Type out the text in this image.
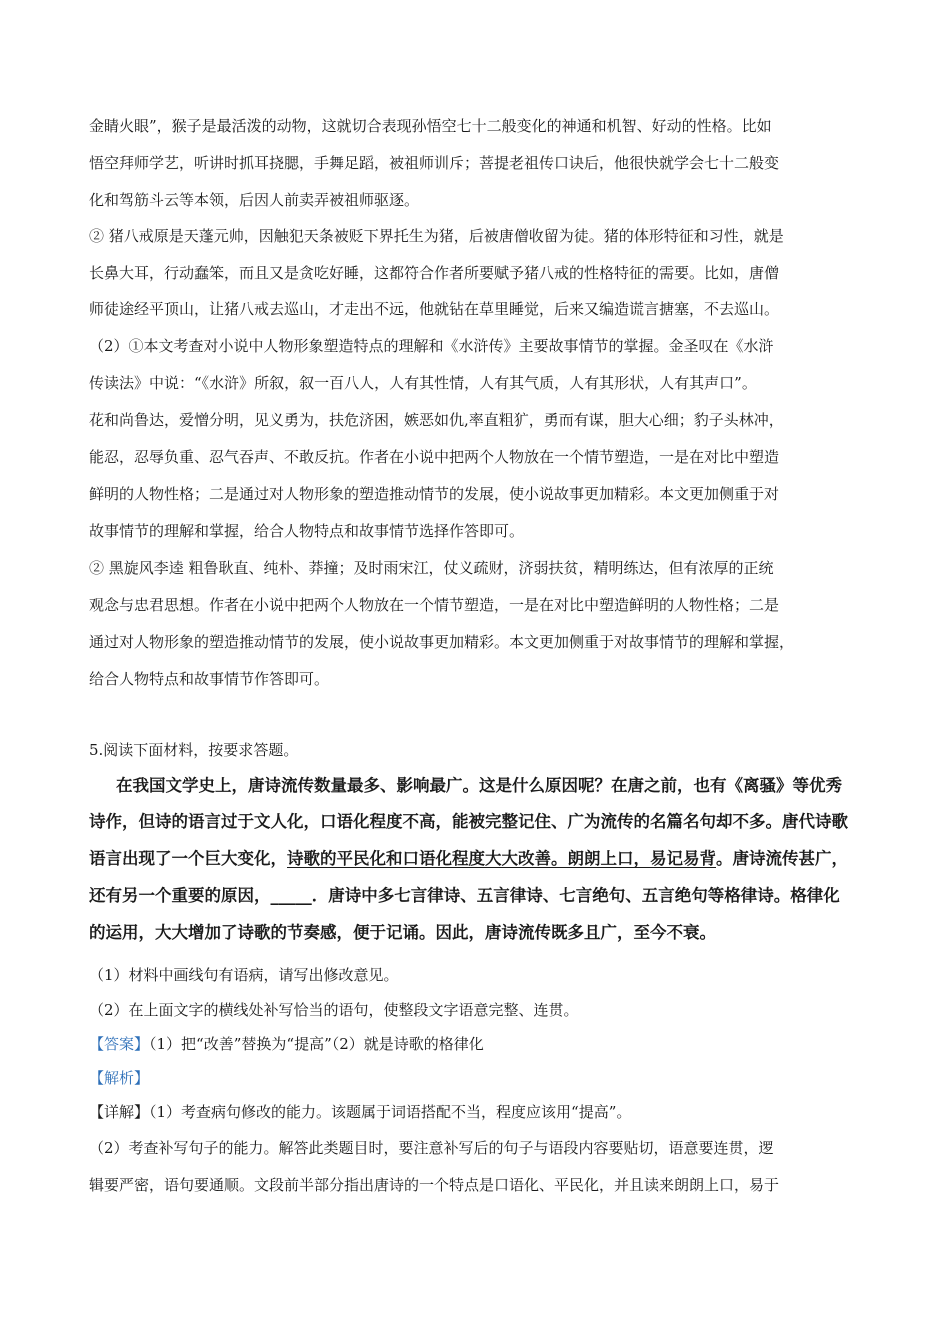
金睛火眼”，猴子是最活泼的动物，这就切合表现孙悟空七十二般变化的神通和机智、好动的性格。比如
悟空拜师学艺，听讲时抓耳挠腮，手舞足蹈，被祖师训斥；菩提老祖传口诀后，他很快就学会七十二般变
化和驾筋斗云等本领，后因人前卖弄被祖师驱逐。
② 猪八戒原是天蓬元帅，因触犯天条被贬下界托生为猪，后被唐僧收留为徒。猪的体形特征和习性，就是
长鼻大耳，行动蠢笨，而且又是贪吃好睡，这都符合作者所要赋予猪八戒的性格特征的需要。比如，唐僧
师徒途经平顶山，让猪八戒去巡山，才走出不远，他就钻在草里睡觉，后来又编造谎言搪塞，不去巡山。
（2）①本文考查对小说中人物形象塑造特点的理解和《水浒传》主要故事情节的掌握。金圣叹在《水浒
传读法》中说：“《水浒》所叙，叙一百八人，人有其性情，人有其气质，人有其形状，人有其声口”。
花和尚鲁达，爱憎分明，见义勇为，扶危济困，嫉恶如仇,率直粗犷，勇而有谋，胆大心细；豹子头林冲，
能忍，忍辱负重、忍气吞声、不敢反抗。作者在小说中把两个人物放在一个情节塑造，一是在对比中塑造
鲜明的人物性格；二是通过对人物形象的塑造推动情节的发展，使小说故事更加精彩。本文更加侧重于对
故事情节的理解和掌握，给合人物特点和故事情节选择作答即可。
② 黑旋风李逵 粗鲁耿直、纯朴、莽撞；及时雨宋江，仗义疏财，济弱扶贫，精明练达，但有浓厚的正统
观念与忠君思想。作者在小说中把两个人物放在一个情节塑造，一是在对比中塑造鲜明的人物性格；二是
通过对人物形象的塑造推动情节的发展，使小说故事更加精彩。本文更加侧重于对故事情节的理解和掌握，
给合人物特点和故事情节作答即可。
5.阅读下面材料，按要求答题。
在我国文学史上，唐诗流传数量最多、影响最广。这是什么原因呢？在唐之前，也有《离骚》等优秀
诗作，但诗的语言过于文人化，口语化程度不高，能被完整记住、广为流传的名篇名句却不多。唐代诗歌
语言出现了一个巨大变化，诗歌的平民化和口语化程度大大改善。朗朗上口，易记易背。唐诗流传甚广，
还有另一个重要的原因，_____．唐诗中多七言律诗、五言律诗、七言绝句、五言绝句等格律诗。格律化
的运用，大大增加了诗歌的节奏感，便于记诵。因此，唐诗流传既多且广，至今不衰。
（1）材料中画线句有语病，请写出修改意见。
（2）在上面文字的横线处补写恰当的语句，使整段文字语意完整、连贯。
【答案】（1）把“改善”替换为“提高”（2）就是诗歌的格律化
【解析】
【详解】（1）考查病句修改的能力。该题属于词语搭配不当，程度应该用“提高”。
（2）考查补写句子的能力。解答此类题目时，要注意补写后的句子与语段内容要贴切，语意要连贯，逻
辑要严密，语句要通顺。文段前半部分指出唐诗的一个特点是口语化、平民化，并且读来朗朗上口，易于
